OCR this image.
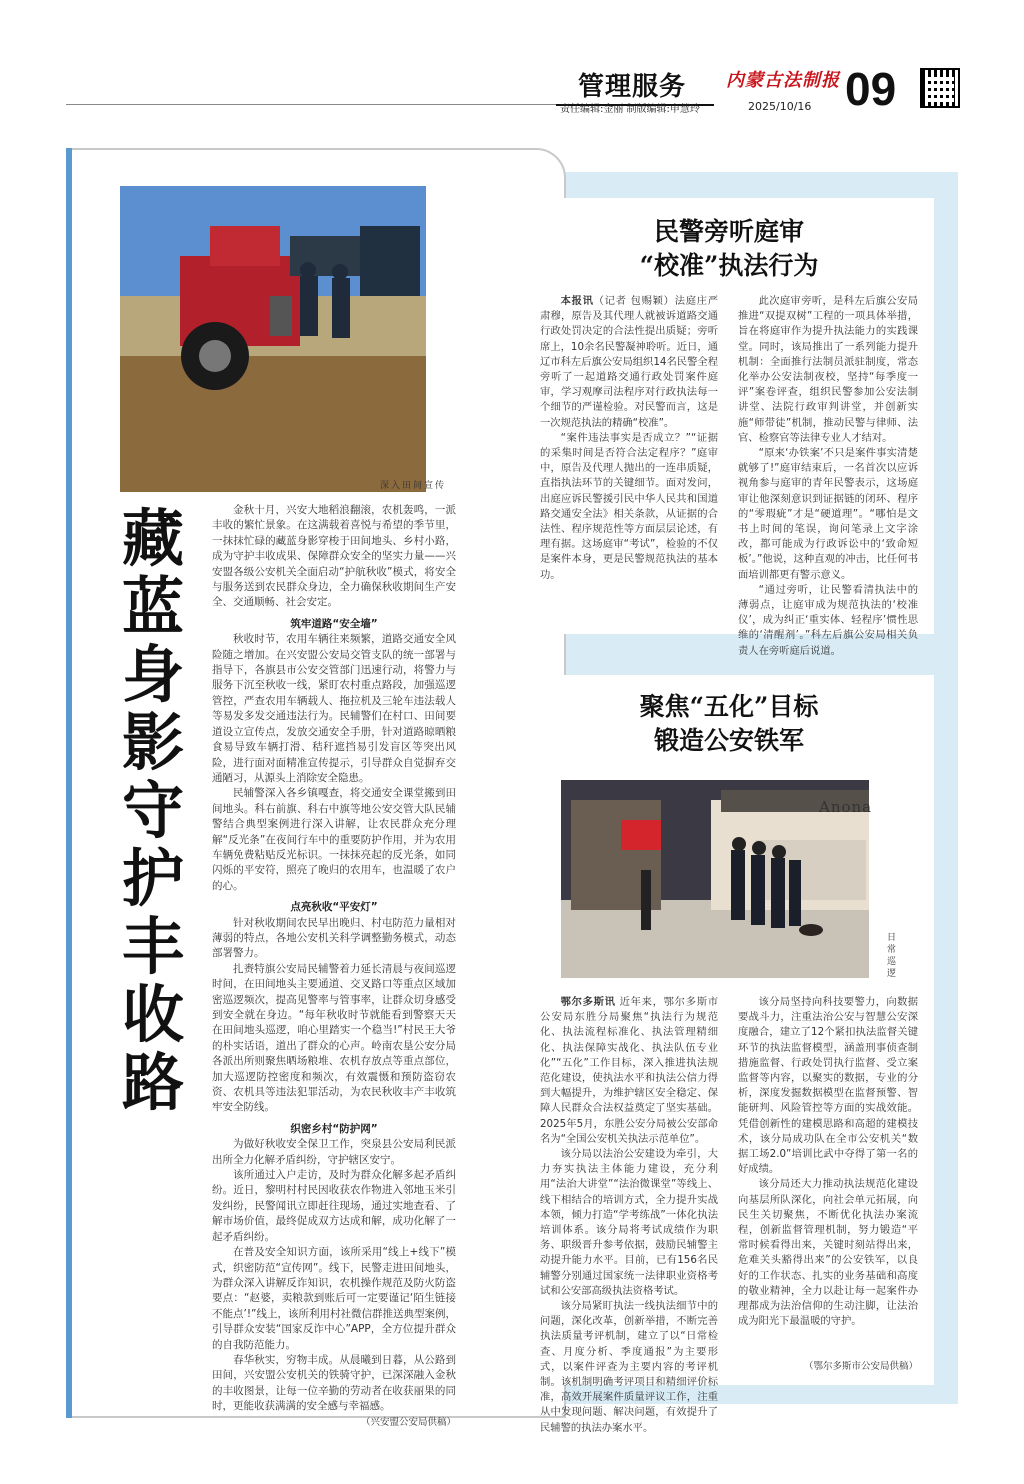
管理服务 内蒙古法制报 09
责任编辑:金丽 制版编辑:申慧玲	2025/10/16
深入田间宣传
藏蓝身影守护丰收路

金秋十月，兴安大地稻浪翻滚，农机轰鸣，一派丰收的繁忙景象。在这满载着喜悦与希望的季节里，一抹抹忙碌的藏蓝身影穿梭于田间地头、乡村小路，成为守护丰收成果、保障群众安全的坚实力量——兴安盟各级公安机关全面启动“护航秋收”模式，将安全与服务送到农民群众身边，全力确保秋收期间生产安全、交通顺畅、社会安定。

筑牢道路“安全墙”

秋收时节，农用车辆往来频繁，道路交通安全风险随之增加。在兴安盟公安局交管支队的统一部署与指导下，各旗县市公安交管部门迅速行动，将警力与服务下沉至秋收一线，紧盯农村重点路段，加强巡逻管控，严查农用车辆载人、拖拉机及三轮车违法载人等易发多发交通违法行为。民辅警们在村口、田间要道设立宣传点，发放交通安全手册，针对道路晾晒粮食易导致车辆打滑、秸秆遮挡易引发盲区等突出风险，进行面对面精准宣传提示，引导群众自觉摒弃交通陋习，从源头上消除安全隐患。

民辅警深入各乡镇嘎查，将交通安全课堂搬到田间地头。科右前旗、科右中旗等地公安交管大队民辅警结合典型案例进行深入讲解，让农民群众充分理解“反光条”在夜间行车中的重要防护作用，并为农用车辆免费粘贴反光标识。一抹抹亮起的反光条，如同闪烁的平安符，照亮了晚归的农用车，也温暖了农户的心。

点亮秋收“平安灯”

针对秋收期间农民早出晚归、村屯防范力量相对薄弱的特点，各地公安机关科学调整勤务模式，动态部署警力。

扎赉特旗公安局民辅警着力延长清晨与夜间巡逻时间，在田间地头主要通道、交叉路口等重点区域加密巡逻频次，提高见警率与管事率，让群众切身感受到安全就在身边。“每年秋收时节就能看到警察天天在田间地头巡逻，咱心里踏实一个稳当!”村民王大爷的朴实话语，道出了群众的心声。岭南农垦公安分局各派出所则聚焦晒场粮堆、农机存放点等重点部位，加大巡逻防控密度和频次，有效震慑和预防盗窃农资、农机具等违法犯罪活动，为农民秋收丰产丰收筑牢安全防线。

织密乡村“防护网”

为做好秋收安全保卫工作，突泉县公安局利民派出所全力化解矛盾纠纷，守护辖区安宁。

该所通过入户走访，及时为群众化解多起矛盾纠纷。近日，黎明村村民因收获农作物进入邻地玉米引发纠纷，民警闻讯立即赶往现场，通过实地查看、了解市场价值，最终促成双方达成和解，成功化解了一起矛盾纠纷。

在普及安全知识方面，该所采用“线上+线下”模式，织密防范“宣传网”。线下，民警走进田间地头，为群众深入讲解反诈知识，农机操作规范及防火防盗要点：“赵婆，卖粮款到账后可一定要谨记‘陌生链接不能点’!”线上，该所利用村社微信群推送典型案例，引导群众安装“国家反诈中心”APP，全方位提升群众的自我防范能力。

春华秋实，穷物丰成。从晨曦到日暮，从公路到田间，兴安盟公安机关的铁骑守护，已深深融入金秋的丰收图景，让每一位辛勤的劳动者在收获丽果的同时，更能收获满满的安全感与幸福感。

（兴安盟公安局供稿）
民警旁听庭审
“校准”执法行为

本报讯（记者 包赐颖）法庭庄严肃穆，原告及其代理人就被诉道路交通行政处罚决定的合法性提出质疑；旁听席上，10余名民警凝神聆听。近日，通辽市科左后旗公安局组织14名民警全程旁听了一起道路交通行政处罚案件庭审，学习观摩司法程序对行政执法每一个细节的严谨检验。对民警而言，这是一次规范执法的精确“校准”。

“案件违法事实是否成立？”“证据的采集时间是否符合法定程序？”庭审中，原告及代理人抛出的一连串质疑，直指执法环节的关键细节。面对发问，出庭应诉民警援引民中华人民共和国道路交通安全法》相关条款，从证据的合法性、程序规范性等方面层层论述，有理有据。这场庭审“考试”，检验的不仅是案件本身，更是民警规范执法的基本功。

此次庭审旁听，是科左后旗公安局推进“双提双树”工程的一项具体举措，旨在将庭审作为提升执法能力的实践课堂。同时，该局推出了一系列能力提升机制：全面推行法制员派驻制度，常态化举办公安法制夜校，坚持“每季度一评”案卷评查，组织民警参加公安法制讲堂、法院行政审判讲堂，并创新实施“师带徒”机制，推动民警与律师、法官、检察官等法律专业人才结对。

“原来‘办铁案’不只是案件事实清楚就够了!”庭审结束后，一名首次以应诉视角参与庭审的青年民警表示，这场庭审让他深刻意识到证据链的闭环、程序的“零瑕疵”才是“硬道理”。“哪怕是文书上时间的笔误，询问笔录上文字涂改，都可能成为行政诉讼中的‘致命短板’。”他说，这种直观的冲击，比任何书面培训都更有警示意义。

“通过旁听，让民警看清执法中的薄弱点，让庭审成为规范执法的‘校准仪’，成为纠正‘重实体、轻程序’惯性思维的‘清醒剂’。”科左后旗公安局相关负责人在旁听庭后说道。

聚焦“五化”目标
锻造公安铁军
Anona
日常巡逻

鄂尔多斯讯 近年来，鄂尔多斯市公安局东胜分局聚焦“执法行为规范化、执法流程标准化、执法管理精细化、执法保障实战化、执法队伍专业化”“五化”工作目标，深入推进执法规范化建设，使执法水平和执法公信力得到大幅提升，为维护辖区安全稳定、保障人民群众合法权益奠定了坚实基础。2025年5月，东胜公安分局被公安部命名为“全国公安机关执法示范单位”。

该分局以法治公安建设为牵引，大力夯实执法主体能力建设，充分利用“法治大讲堂”“法治微课堂”等线上、线下相结合的培训方式，全力提升实战本领，倾力打造“学考练战”一体化执法培训体系。该分局将考试成绩作为职务、职级晋升参考依据，鼓励民辅警主动提升能力水平。目前，已有156名民辅警分别通过国家统一法律职业资格考试和公安部高级执法资格考试。

该分局紧盯执法一线执法细节中的问题，深化改革，创新举措，不断完善执法质量考评机制，建立了以“日常检查、月度分析、季度通报”为主要形式，以案件评查为主要内容的考评机制。该机制明确考评项目和精细评价标准，高效开展案件质量评议工作，注重从中发现问题、解决问题，有效提升了民辅警的执法办案水平。

该分局坚持向科技要警力，向数据要战斗力，注重法治公安与智慧公安深度融合，建立了12个紧扣执法监督关键环节的执法监督模型，涵盖刑事侦查制措施监督、行政处罚执行监督、受立案监督等内容，以聚实的数据，专业的分析，深度发掘数据模型在监督预警、智能研判、风险管控等方面的实战效能。凭借创新性的建模思路和高超的建模技术，该分局成功队在全市公安机关“数据工场2.0”培训比武中夺得了第一名的好成绩。

该分局还大力推动执法规范化建设向基层所队深化，向社会单元拓展，向民生关切聚焦，不断优化执法办案流程，创新监督管理机制，努力锻造“平常时候看得出来，关键时刻站得出来，危难关头豁得出来”的公安铁军，以良好的工作状态、扎实的业务基础和高度的敬业精神，全力以赴让每一起案件办理都成为法治信仰的生动注脚，让法治成为阳光下最温暖的守护。

（鄂尔多斯市公安局供稿）
